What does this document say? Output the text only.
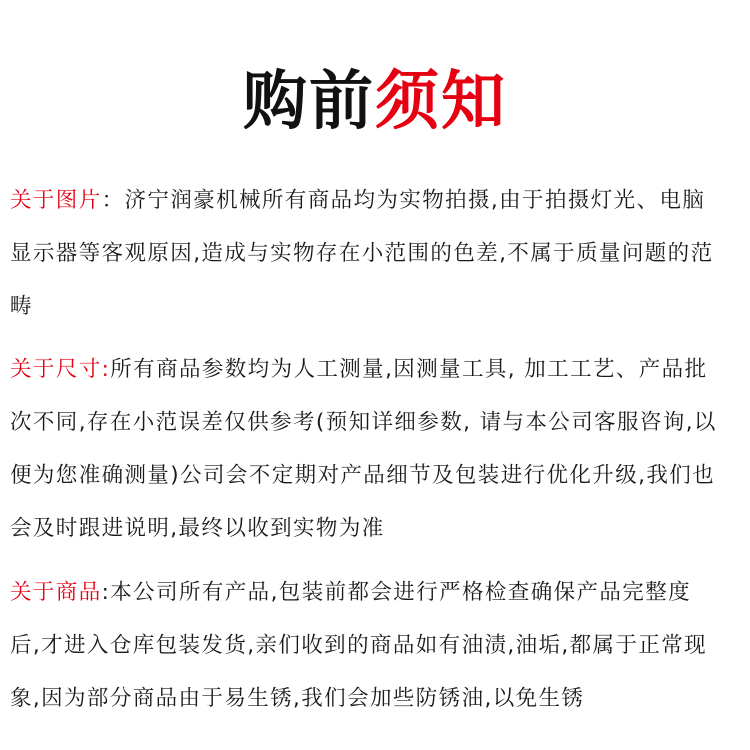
购前须知
关于图片：济宁润豪机械所有商品均为实物拍摄,由于拍摄灯光、电脑显示器等客观原因,造成与实物存在小范围的色差,不属于质量问题的范畴
关于尺寸:所有商品参数均为人工测量,因测量工具, 加工工艺、产品批次不同,存在小范误差仅供参考(预知详细参数, 请与本公司客服咨询,以便为您准确测量)公司会不定期对产品细节及包装进行优化升级,我们也会及时跟进说明,最终以收到实物为准
关于商品:本公司所有产品,包装前都会进行严格检查确保产品完整度后,才进入仓库包装发货,亲们收到的商品如有油渍,油垢,都属于正常现象,因为部分商品由于易生锈,我们会加些防锈油,以免生锈
